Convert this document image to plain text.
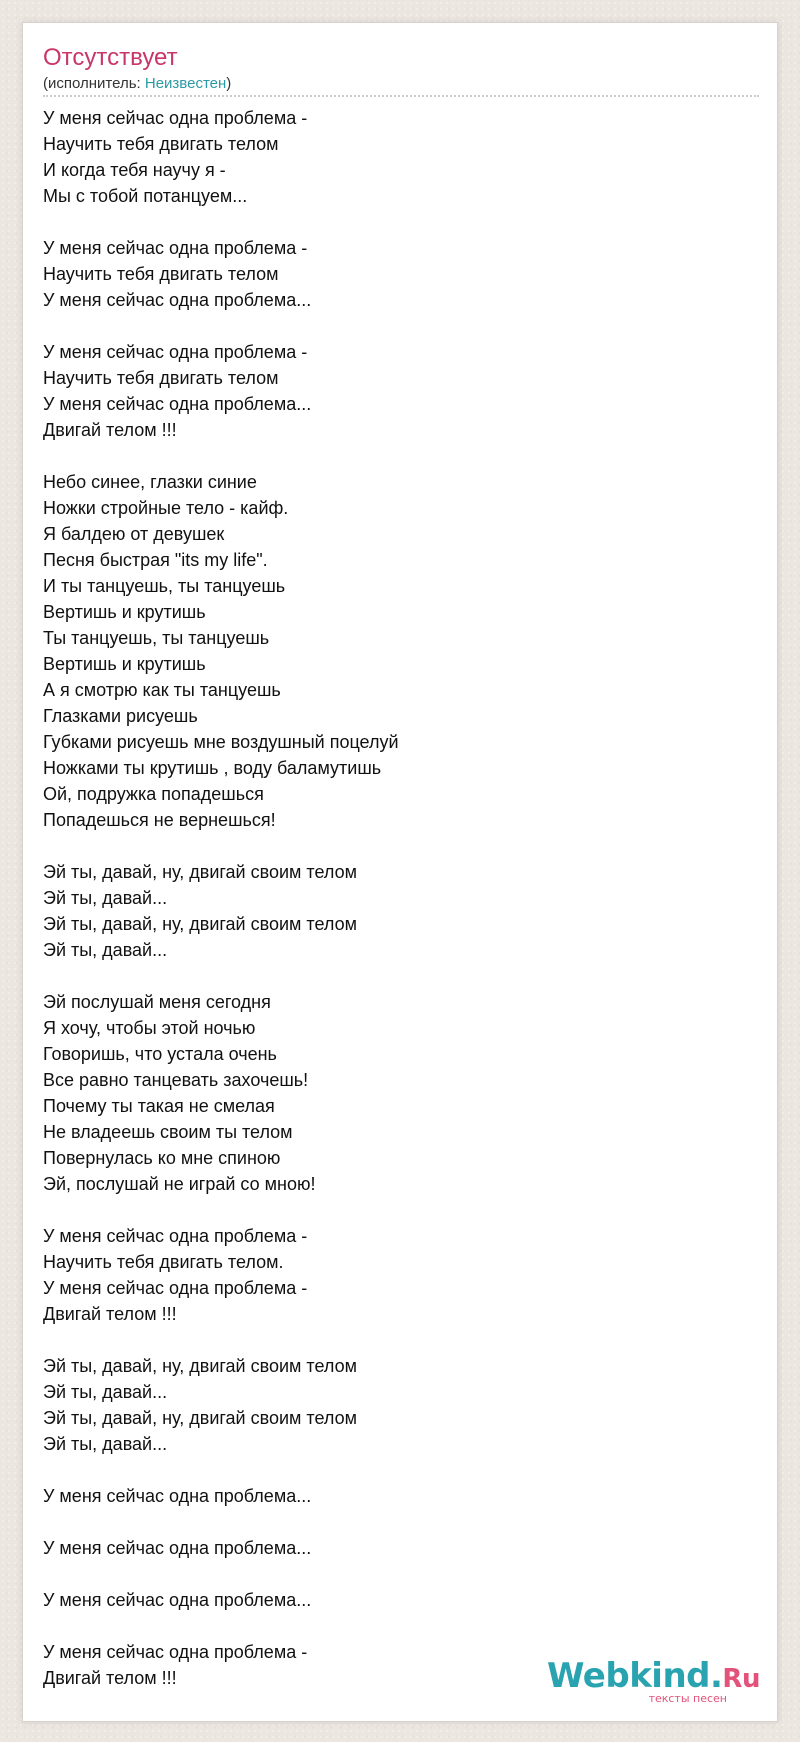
Отсутствует
(исполнитель: Неизвестен)
У меня сейчас одна проблема -
Научить тебя двигать телом
И когда тебя научу я -
Мы с тобой потанцуем...
У меня сейчас одна проблема -
Научить тебя двигать телом
У меня сейчас одна проблема...
У меня сейчас одна проблема -
Научить тебя двигать телом
У меня сейчас одна проблема...
Двигай телом !!!
Небо синее, глазки синие
Ножки стройные тело - кайф.
Я балдею от девушек
Песня быстрая "its my life".
И ты танцуешь, ты танцуешь
Вертишь и крутишь
Ты танцуешь, ты танцуешь
Вертишь и крутишь
А я смотрю как ты танцуешь
Глазками рисуешь
Губками рисуешь мне воздушный поцелуй
Ножками ты крутишь , воду баламутишь
Ой, подружка попадешься
Попадешься не вернешься!
Эй ты, давай, ну, двигай своим телом
Эй ты, давай...
Эй ты, давай, ну, двигай своим телом
Эй ты, давай...
Эй послушай меня сегодня
Я хочу, чтобы этой ночью
Говоришь, что устала очень
Все равно танцевать захочешь!
Почему ты такая не смелая
Не владеешь своим ты телом
Повернулась ко мне спиною
Эй, послушай не играй со мною!
У меня сейчас одна проблема -
Научить тебя двигать телом.
У меня сейчас одна проблема -
Двигай телом !!!
Эй ты, давай, ну, двигай своим телом
Эй ты, давай...
Эй ты, давай, ну, двигай своим телом
Эй ты, давай...
У меня сейчас одна проблема...
У меня сейчас одна проблема...
У меня сейчас одна проблема...
У меня сейчас одна проблема -
Двигай телом !!!	Webkind.Ru
тексты песен
